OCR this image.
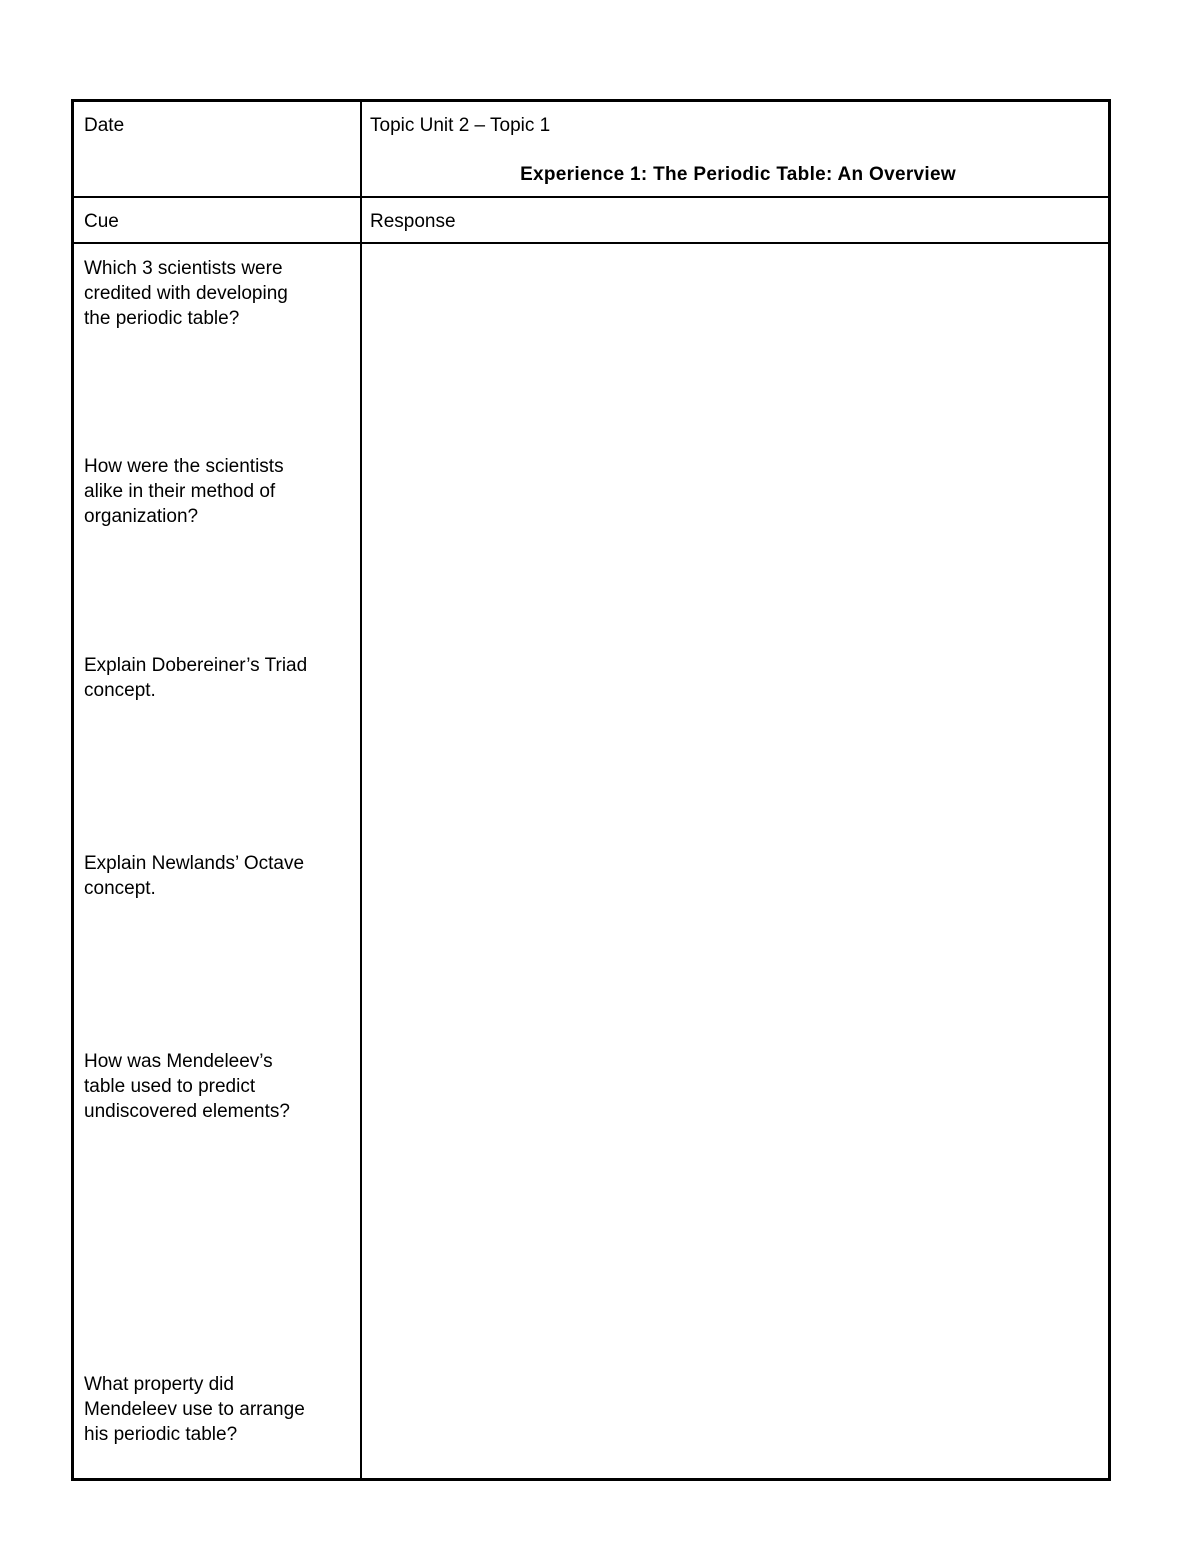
Date	Topic Unit 2 – Topic 1
Experience 1: The Periodic Table: An Overview
Cue	Response
Which 3 scientists were
credited with developing
the periodic table?
How were the scientists
alike in their method of
organization?
Explain Dobereiner’s Triad
concept.
Explain Newlands’ Octave
concept.
How was Mendeleev’s
table used to predict
undiscovered elements?
What property did
Mendeleev use to arrange
his periodic table?
